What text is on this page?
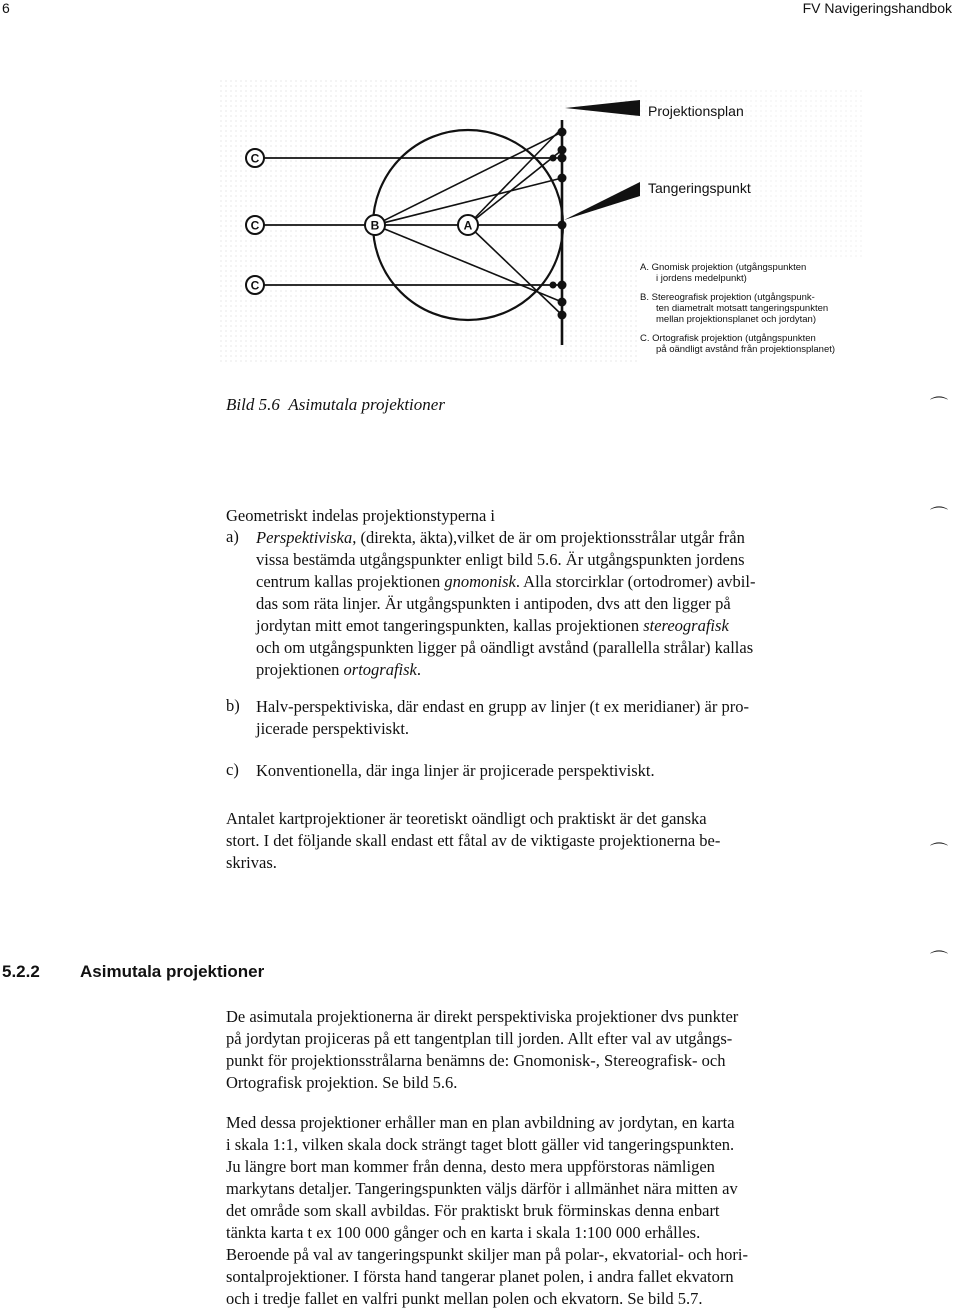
6	FV Navigeringshandbok
C
C
C
B	A
Projektionsplan
Tangeringspunkt
A. Gnomisk projektion (utgångspunkten
i jordens medelpunkt)
B. Stereografisk projektion (utgångspunk-
ten diametralt motsatt tangeringspunkten
mellan projektionsplanet och jordytan)
C. Ortografisk projektion (utgångspunkten
på oändligt avstånd från projektionsplanet)
Bild 5.6 Asimutala projektioner
Geometriskt indelas projektionstyperna i
a) Perspektiviska, (direkta, äkta),vilket de är om projektionsstrålar utgår från
vissa bestämda utgångspunkter enligt bild 5.6. Är utgångspunkten jordens
centrum kallas projektionen gnomonisk. Alla storcirklar (ortodromer) avbil-
das som räta linjer. Är utgångspunkten i antipoden, dvs att den ligger på
jordytan mitt emot tangeringspunkten, kallas projektionen stereografisk
och om utgångspunkten ligger på oändligt avstånd (parallella strålar) kallas
projektionen ortografisk.
b) Halv-perspektiviska, där endast en grupp av linjer (t ex meridianer) är pro-
jicerade perspektiviskt.
c) Konventionella, där inga linjer är projicerade perspektiviskt.
Antalet kartprojektioner är teoretiskt oändligt och praktiskt är det ganska
stort. I det följande skall endast ett fåtal av de viktigaste projektionerna be-
skrivas.
5.2.2 Asimutala projektioner
De asimutala projektionerna är direkt perspektiviska projektioner dvs punkter
på jordytan projiceras på ett tangentplan till jorden. Allt efter val av utgångs-
punkt för projektionsstrålarna benämns de: Gnomonisk-, Stereografisk- och
Ortografisk projektion. Se bild 5.6.
Med dessa projektioner erhåller man en plan avbildning av jordytan, en karta
i skala 1:1, vilken skala dock strängt taget blott gäller vid tangeringspunkten.
Ju längre bort man kommer från denna, desto mera uppförstoras nämligen
markytans detaljer. Tangeringspunkten väljs därför i allmänhet nära mitten av
det område som skall avbildas. För praktiskt bruk förminskas denna enbart
tänkta karta t ex 100 000 gånger och en karta i skala 1:100 000 erhålles.
Beroende på val av tangeringspunkt skiljer man på polar-, ekvatorial- och hori-
sontalprojektioner. I första hand tangerar planet polen, i andra fallet ekvatorn
och i tredje fallet en valfri punkt mellan polen och ekvatorn. Se bild 5.7.
⌒
⌒
⌒
⌒
